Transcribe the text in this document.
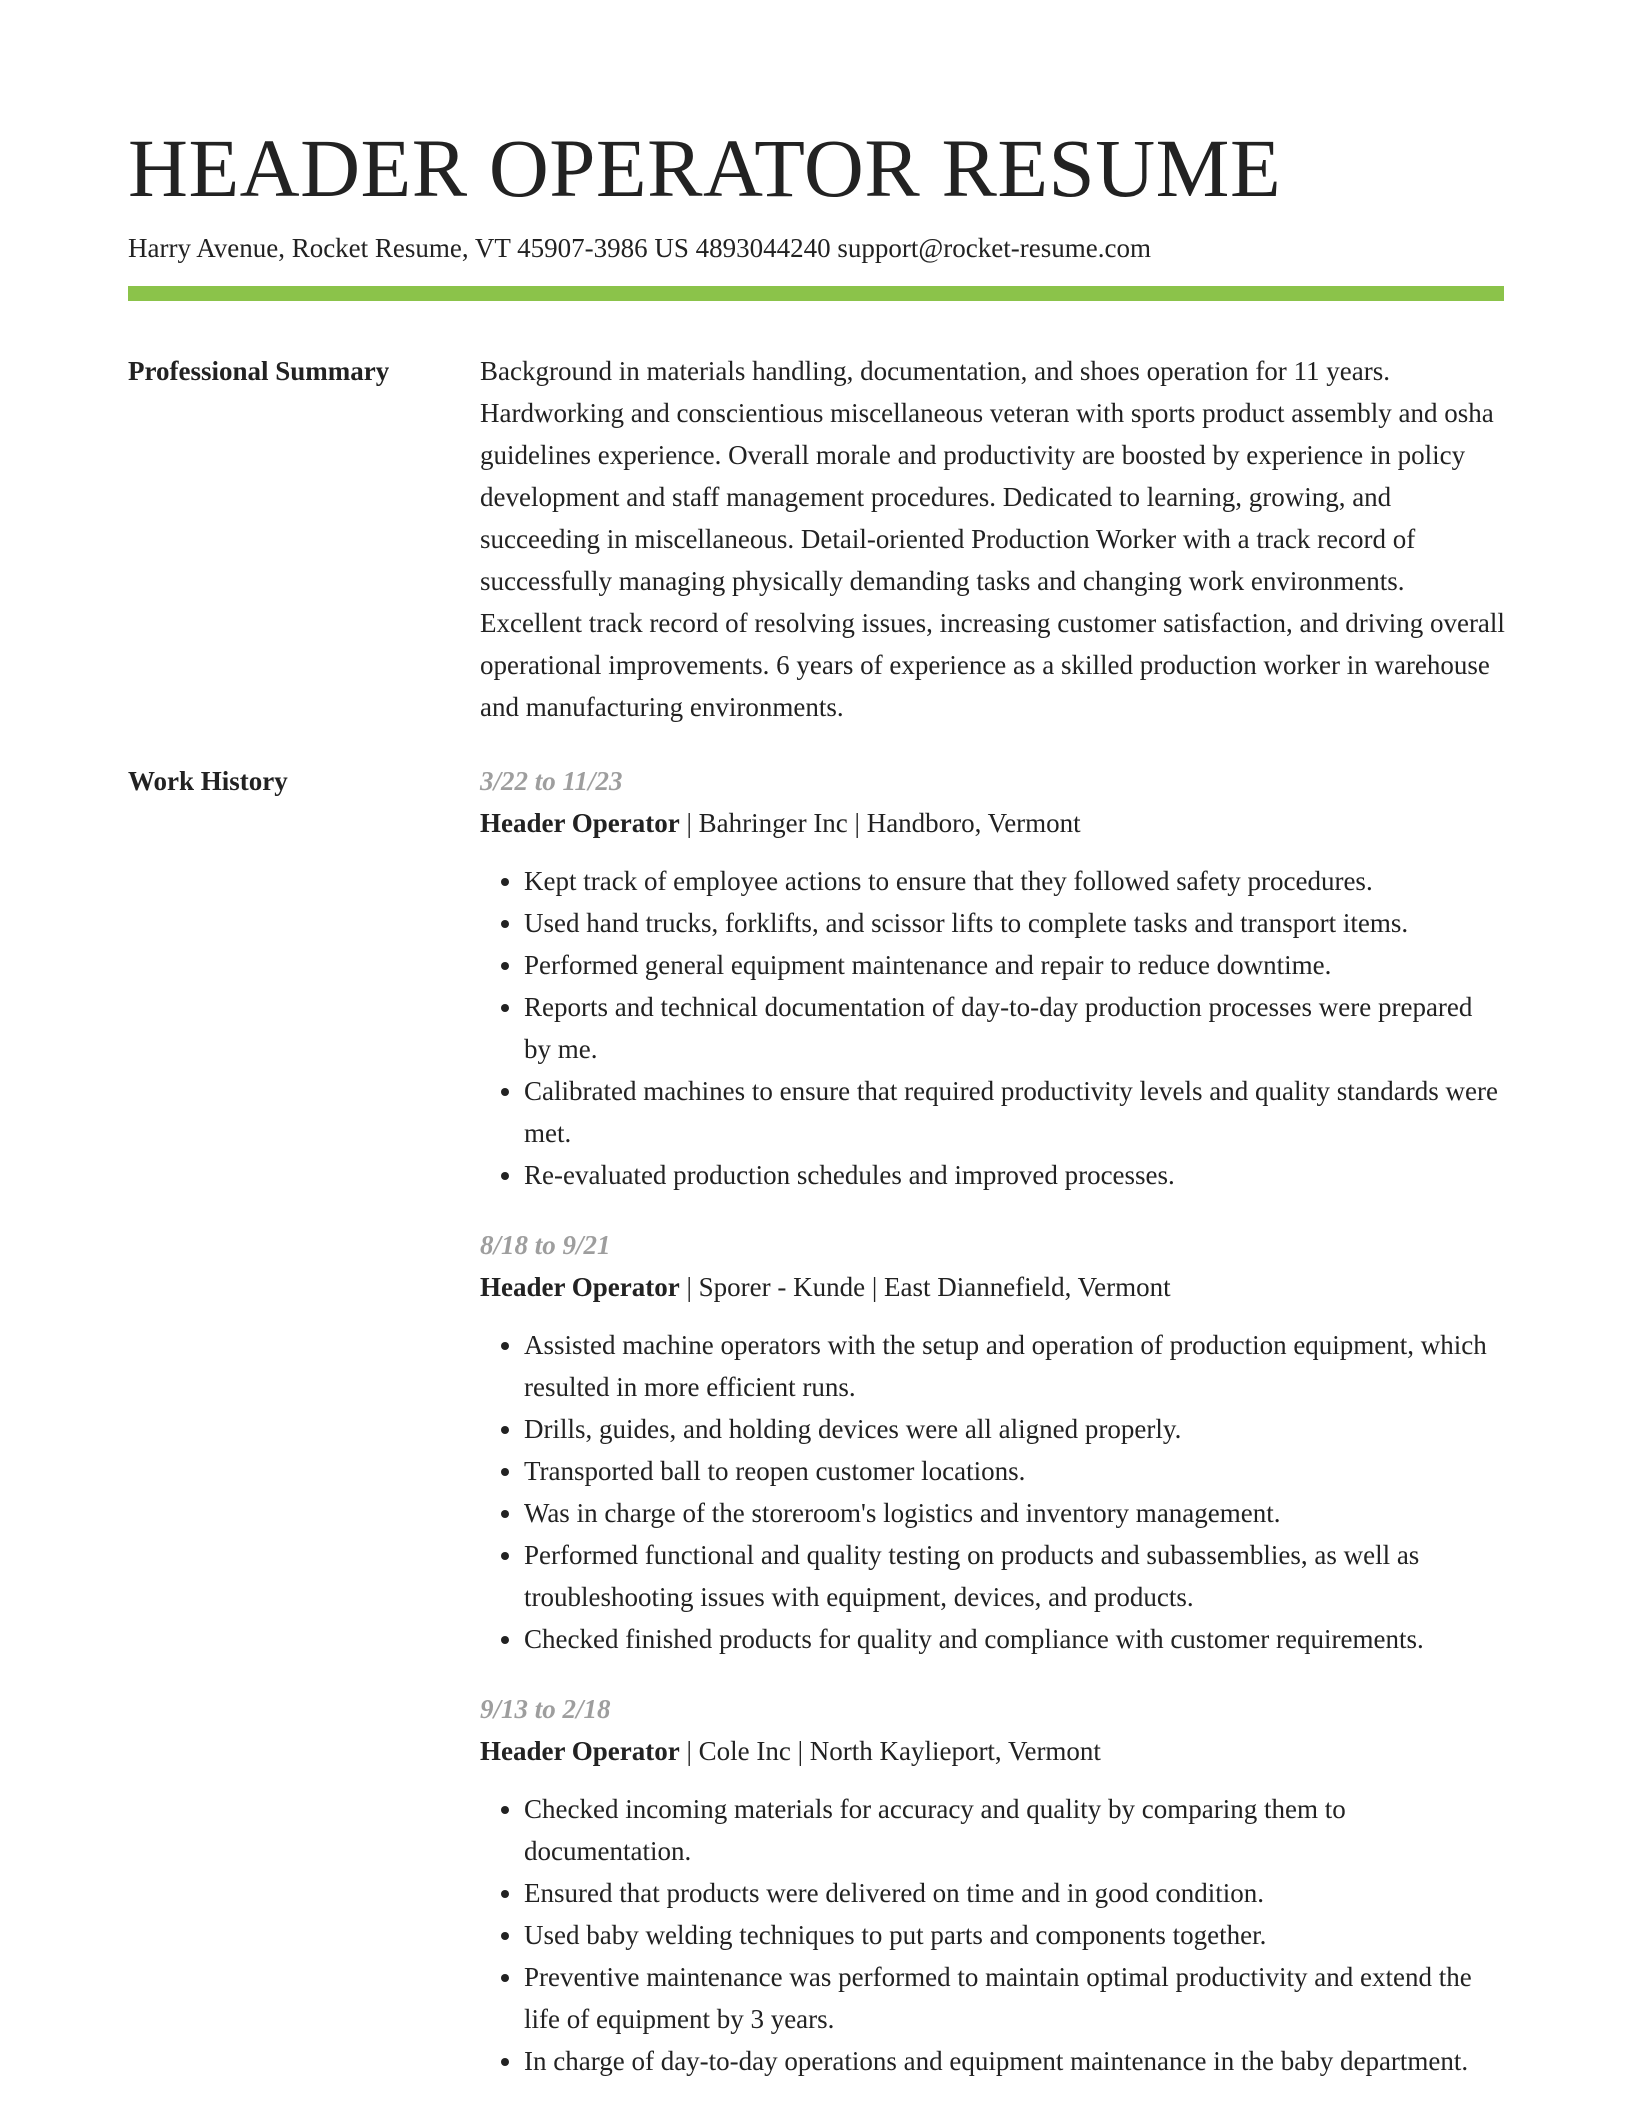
HEADER OPERATOR RESUME
Harry Avenue, Rocket Resume, VT 45907-3986 US 4893044240 support@rocket-resume.com
Professional Summary	Background in materials handling, documentation, and shoes operation for 11 years. Hardworking and conscientious miscellaneous veteran with sports product assembly and osha guidelines experience. Overall morale and productivity are boosted by experience in policy development and staff management procedures. Dedicated to learning, growing, and succeeding in miscellaneous. Detail-oriented Production Worker with a track record of successfully managing physically demanding tasks and changing work environments. Excellent track record of resolving issues, increasing customer satisfaction, and driving overall operational improvements. 6 years of experience as a skilled production worker in warehouse and manufacturing environments.

Work History	3/22 to 11/23
Header Operator | Bahringer Inc | Handboro, Vermont
• Kept track of employee actions to ensure that they followed safety procedures.
• Used hand trucks, forklifts, and scissor lifts to complete tasks and transport items.
• Performed general equipment maintenance and repair to reduce downtime.
• Reports and technical documentation of day-to-day production processes were prepared by me.
• Calibrated machines to ensure that required productivity levels and quality standards were met.
• Re-evaluated production schedules and improved processes.
8/18 to 9/21
Header Operator | Sporer - Kunde | East Diannefield, Vermont
• Assisted machine operators with the setup and operation of production equipment, which resulted in more efficient runs.
• Drills, guides, and holding devices were all aligned properly.
• Transported ball to reopen customer locations.
• Was in charge of the storeroom's logistics and inventory management.
• Performed functional and quality testing on products and subassemblies, as well as troubleshooting issues with equipment, devices, and products.
• Checked finished products for quality and compliance with customer requirements.
9/13 to 2/18
Header Operator | Cole Inc | North Kaylieport, Vermont
• Checked incoming materials for accuracy and quality by comparing them to documentation.
• Ensured that products were delivered on time and in good condition.
• Used baby welding techniques to put parts and components together.
• Preventive maintenance was performed to maintain optimal productivity and extend the life of equipment by 3 years.
• In charge of day-to-day operations and equipment maintenance in the baby department.
